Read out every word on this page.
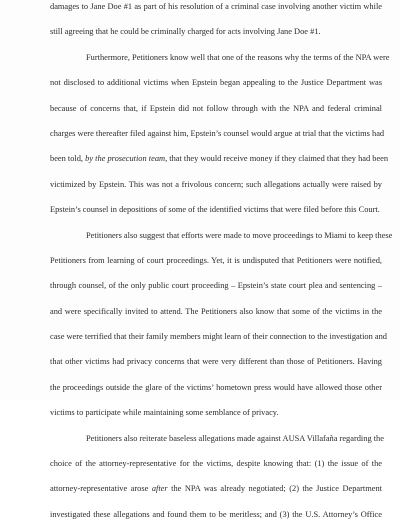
damages to Jane Doe #1 as part of his resolution of a criminal case involving another victim while
still agreeing that he could be criminally charged for acts involving Jane Doe #1.
Furthermore, Petitioners know well that one of the reasons why the terms of the NPA were
not disclosed to additional victims when Epstein began appealing to the Justice Department was
because of concerns that, if Epstein did not follow through with the NPA and federal criminal
charges were thereafter filed against him, Epstein’s counsel would argue at trial that the victims had
been told, by the prosecution team, that they would receive money if they claimed that they had been
victimized by Epstein. This was not a frivolous concern; such allegations actually were raised by
Epstein’s counsel in depositions of some of the identified victims that were filed before this Court.
Petitioners also suggest that efforts were made to move proceedings to Miami to keep these
Petitioners from learning of court proceedings. Yet, it is undisputed that Petitioners were notified,
through counsel, of the only public court proceeding – Epstein’s state court plea and sentencing –
and were specifically invited to attend. The Petitioners also know that some of the victims in the
case were terrified that their family members might learn of their connection to the investigation and
that other victims had privacy concerns that were very different than those of Petitioners. Having
the proceedings outside the glare of the victims’ hometown press would have allowed those other
victims to participate while maintaining some semblance of privacy.
Petitioners also reiterate baseless allegations made against AUSA Villafaña regarding the
choice of the attorney-representative for the victims, despite knowing that: (1) the issue of the
attorney-representative arose after the NPA was already negotiated; (2) the Justice Department
investigated these allegations and found them to be meritless; and (3) the U.S. Attorney’s Office
